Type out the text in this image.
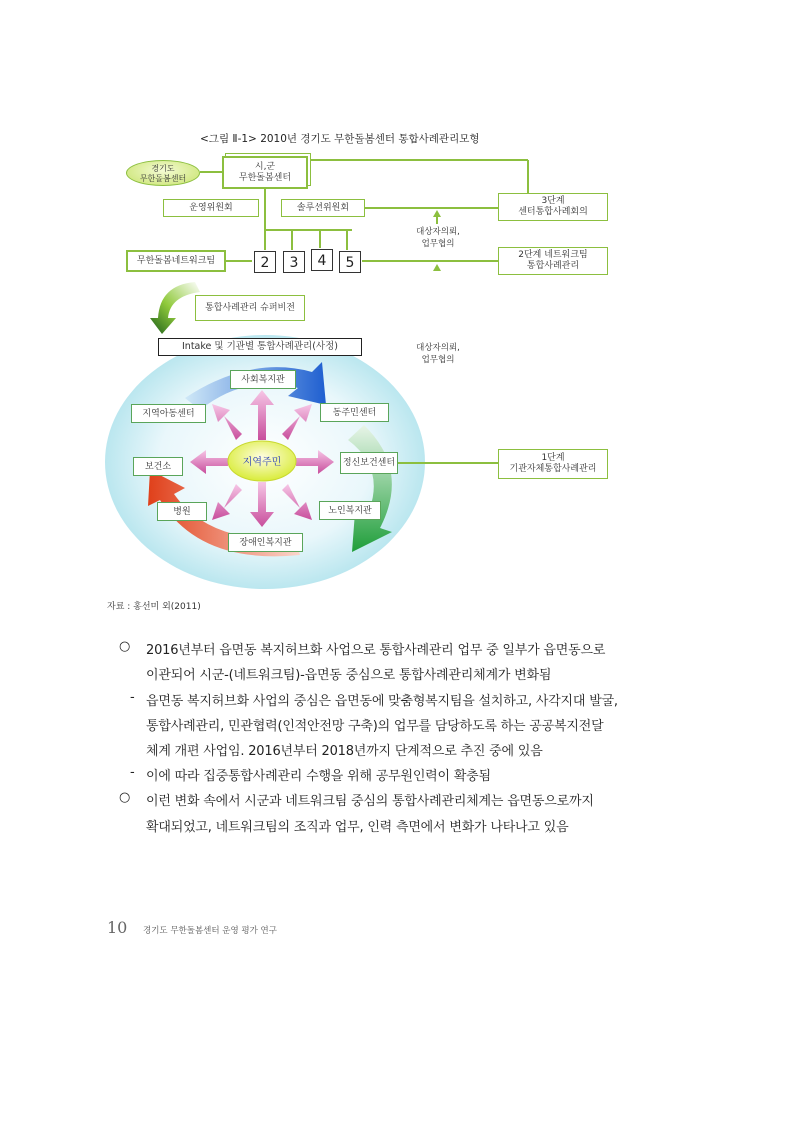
<그림 Ⅱ-1> 2010년 경기도 무한돌봄센터 통합사례관리모형
경기도
무한돌봄센터
시,군
무한돌봄센터
운영위원회	솔루션위원회
무한돌봄네트워크팀	2	3	4	5
통합사례관리 슈퍼비전
Intake 및 기관별 통합사례관리(사정)
지역주민
사회복지관
지역아동센터	동주민센터
보건소	정신보건센터
병원	노인복지관
장애인복지관
대상자의뢰,
업무협의
대상자의뢰,
업무협의
3단계
센터통합사례회의
2단계 네트워크팀
통합사례관리
1단계
기관자체통합사례관리
자료 : 홍선미 외(2011)
○ 2016년부터 읍면동 복지허브화 사업으로 통합사례관리 업무 중 일부가 읍면동으로
이관되어 시군-(네트워크팀)-읍면동 중심으로 통합사례관리체계가 변화됨
- 읍면동 복지허브화 사업의 중심은 읍면동에 맞춤형복지팀을 설치하고, 사각지대 발굴,
통합사례관리, 민관협력(인적안전망 구축)의 업무를 담당하도록 하는 공공복지전달
체계 개편 사업임. 2016년부터 2018년까지 단계적으로 추진 중에 있음
- 이에 따라 집중통합사례관리 수행을 위해 공무원인력이 확충됨
○ 이런 변화 속에서 시군과 네트워크팀 중심의 통합사례관리체계는 읍면동으로까지
확대되었고, 네트워크팀의 조직과 업무, 인력 측면에서 변화가 나타나고 있음
10 경기도 무한돌봄센터 운영 평가 연구
